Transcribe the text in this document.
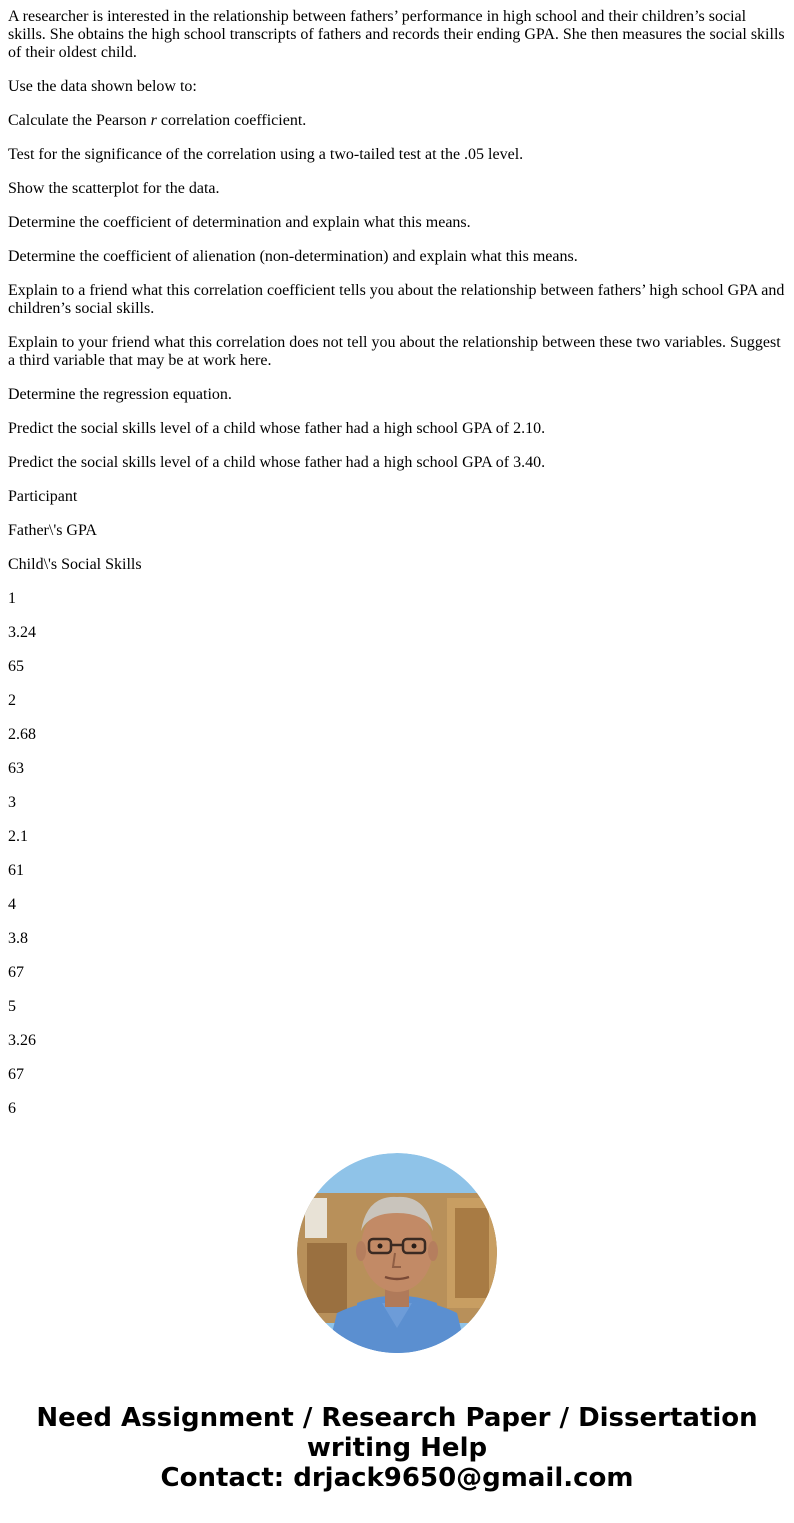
A researcher is interested in the relationship between fathers’ performance in high school and their children’s social skills. She obtains the high school transcripts of fathers and records their ending GPA. She then measures the social skills of their oldest child.

Use the data shown below to:

Calculate the Pearson r correlation coefficient.

Test for the significance of the correlation using a two-tailed test at the .05 level.

Show the scatterplot for the data.

Determine the coefficient of determination and explain what this means.

Determine the coefficient of alienation (non-determination) and explain what this means.

Explain to a friend what this correlation coefficient tells you about the relationship between fathers’ high school GPA and children’s social skills.

Explain to your friend what this correlation does not tell you about the relationship between these two variables. Suggest a third variable that may be at work here.

Determine the regression equation.

Predict the social skills level of a child whose father had a high school GPA of 2.10.

Predict the social skills level of a child whose father had a high school GPA of 3.40.

Participant

Father\'s GPA

Child\'s Social Skills

1

3.24

65

2

2.68

63

3

2.1

61

4

3.8

67

5

3.26

67

6

Need Assignment / Research Paper / Dissertation
writing Help
Contact: drjack9650@gmail.com
